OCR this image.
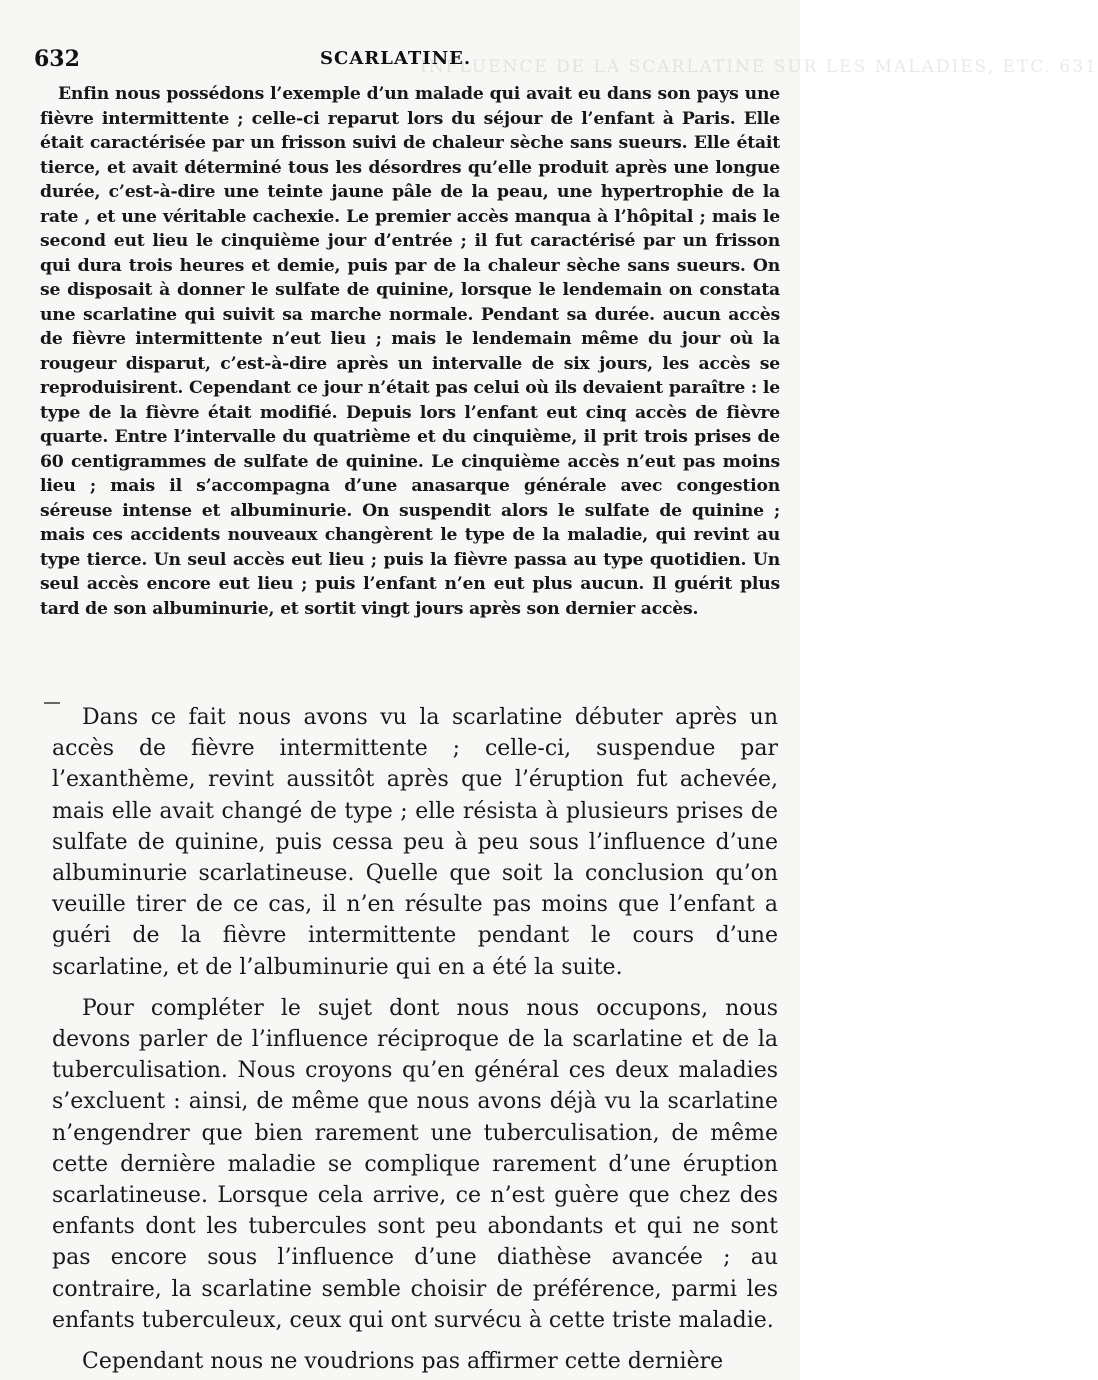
INFLUENCE DE LA SCARLATINE SUR LES MALADIES, ETC. 631
632	SCARLATINE.

Enfin nous possédons l’exemple d’un malade qui avait eu dans son pays une fièvre intermittente ; celle-ci reparut lors du séjour de l’enfant à Paris. Elle était caractérisée par un frisson suivi de chaleur sèche sans sueurs. Elle était tierce, et avait déterminé tous les désordres qu’elle produit après une longue durée, c’est-à-dire une teinte jaune pâle de la peau, une hypertrophie de la rate , et une véritable cachexie. Le premier accès manqua à l’hôpital ; mais le second eut lieu le cinquième jour d’entrée ; il fut caractérisé par un frisson qui dura trois heures et demie, puis par de la chaleur sèche sans sueurs. On se disposait à donner le sulfate de quinine, lorsque le lendemain on constata une scarlatine qui suivit sa marche normale. Pendant sa durée. aucun accès de fièvre intermittente n’eut lieu ; mais le lendemain même du jour où la rougeur disparut, c’est-à-dire après un intervalle de six jours, les accès se reproduisirent. Cependant ce jour n’était pas celui où ils devaient paraître : le type de la fièvre était modifié. Depuis lors l’enfant eut cinq accès de fièvre quarte. Entre l’intervalle du quatrième et du cinquième, il prit trois prises de 60 centigrammes de sulfate de quinine. Le cinquième accès n’eut pas moins lieu ; mais il s’accompagna d’une anasarque générale avec congestion séreuse intense et albuminurie. On suspendit alors le sulfate de quinine ; mais ces accidents nouveaux changèrent le type de la maladie, qui revint au type tierce. Un seul accès eut lieu ; puis la fièvre passa au type quotidien. Un seul accès encore eut lieu ; puis l’enfant n’en eut plus aucun. Il guérit plus tard de son albuminurie, et sortit vingt jours après son dernier accès.

Dans ce fait nous avons vu la scarlatine débuter après un accès de fièvre intermittente ; celle-ci, suspendue par l’exanthème, revint aussitôt après que l’éruption fut achevée, mais elle avait changé de type ; elle résista à plusieurs prises de sulfate de quinine, puis cessa peu à peu sous l’influence d’une albuminurie scarlatineuse. Quelle que soit la conclusion qu’on veuille tirer de ce cas, il n’en résulte pas moins que l’enfant a guéri de la fièvre intermittente pendant le cours d’une scarlatine, et de l’albuminurie qui en a été la suite.

Pour compléter le sujet dont nous nous occupons, nous devons parler de l’influence réciproque de la scarlatine et de la tuberculisation. Nous croyons qu’en général ces deux maladies s’excluent : ainsi, de même que nous avons déjà vu la scarlatine n’engendrer que bien rarement une tuberculisation, de même cette dernière maladie se complique rarement d’une éruption scarlatineuse. Lorsque cela arrive, ce n’est guère que chez des enfants dont les tubercules sont peu abondants et qui ne sont pas encore sous l’influence d’une diathèse avancée ; au contraire, la scarlatine semble choisir de préférence, parmi les enfants tuberculeux, ceux qui ont survécu à cette triste maladie.

Cependant nous ne voudrions pas affirmer cette dernière
